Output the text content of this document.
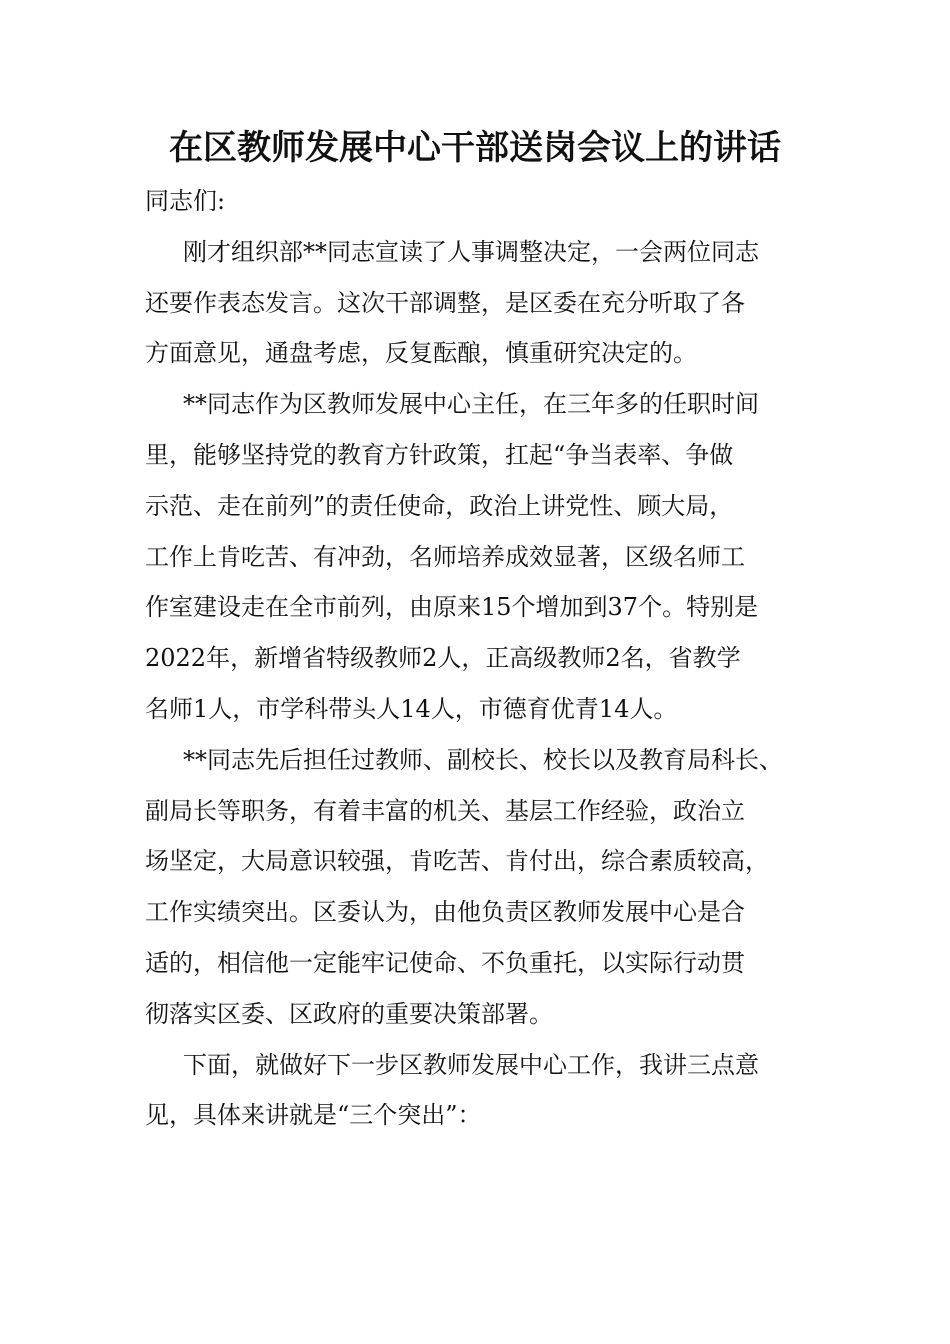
在区教师发展中心干部送岗会议上的讲话

同志们:

刚才组织部**同志宣读了人事调整决定，一会两位同志
还要作表态发言。这次干部调整，是区委在充分听取了各
方面意见，通盘考虑，反复酝酿，慎重研究决定的。

**同志作为区教师发展中心主任，在三年多的任职时间
里，能够坚持党的教育方针政策，扛起“争当表率、争做
示范、走在前列”的责任使命，政治上讲党性、顾大局，
工作上肯吃苦、有冲劲，名师培养成效显著，区级名师工
作室建设走在全市前列，由原来15个增加到37个。特别是
2022年，新增省特级教师2人，正高级教师2名，省教学
名师1人，市学科带头人14人，市德育优青14人。

**同志先后担任过教师、副校长、校长以及教育局科长、
副局长等职务，有着丰富的机关、基层工作经验，政治立
场坚定，大局意识较强，肯吃苦、肯付出，综合素质较高，
工作实绩突出。区委认为，由他负责区教师发展中心是合
适的，相信他一定能牢记使命、不负重托，以实际行动贯
彻落实区委、区政府的重要决策部署。

下面，就做好下一步区教师发展中心工作，我讲三点意
见，具体来讲就是“三个突出”：
